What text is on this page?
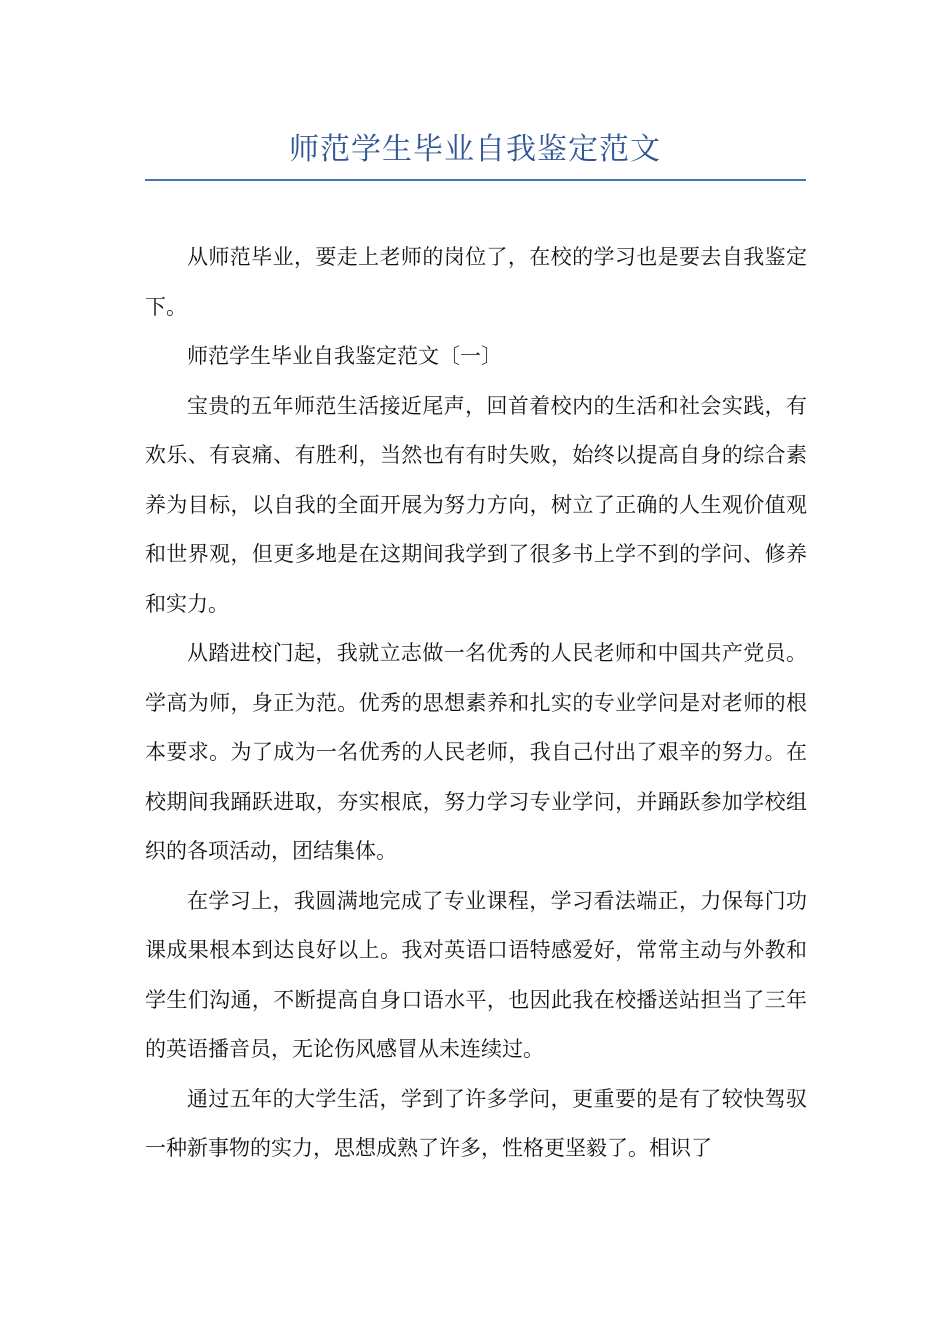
师范学生毕业自我鉴定范文

从师范毕业，要走上老师的岗位了，在校的学习也是要去自我鉴定下。

师范学生毕业自我鉴定范文〔一〕

宝贵的五年师范生活接近尾声，回首着校内的生活和社会实践，有欢乐、有哀痛、有胜利，当然也有有时失败，始终以提高自身的综合素养为目标，以自我的全面开展为努力方向，树立了正确的人生观价值观和世界观，但更多地是在这期间我学到了很多书上学不到的学问、修养和实力。

从踏进校门起，我就立志做一名优秀的人民老师和中国共产党员。学高为师，身正为范。优秀的思想素养和扎实的专业学问是对老师的根本要求。为了成为一名优秀的人民老师，我自己付出了艰辛的努力。在校期间我踊跃进取，夯实根底，努力学习专业学问，并踊跃参加学校组织的各项活动，团结集体。

在学习上，我圆满地完成了专业课程，学习看法端正，力保每门功课成果根本到达良好以上。我对英语口语特感爱好，常常主动与外教和学生们沟通，不断提高自身口语水平，也因此我在校播送站担当了三年的英语播音员，无论伤风感冒从未连续过。

通过五年的大学生活，学到了许多学问，更重要的是有了较快驾驭一种新事物的实力，思想成熟了许多，性格更坚毅了。相识了
